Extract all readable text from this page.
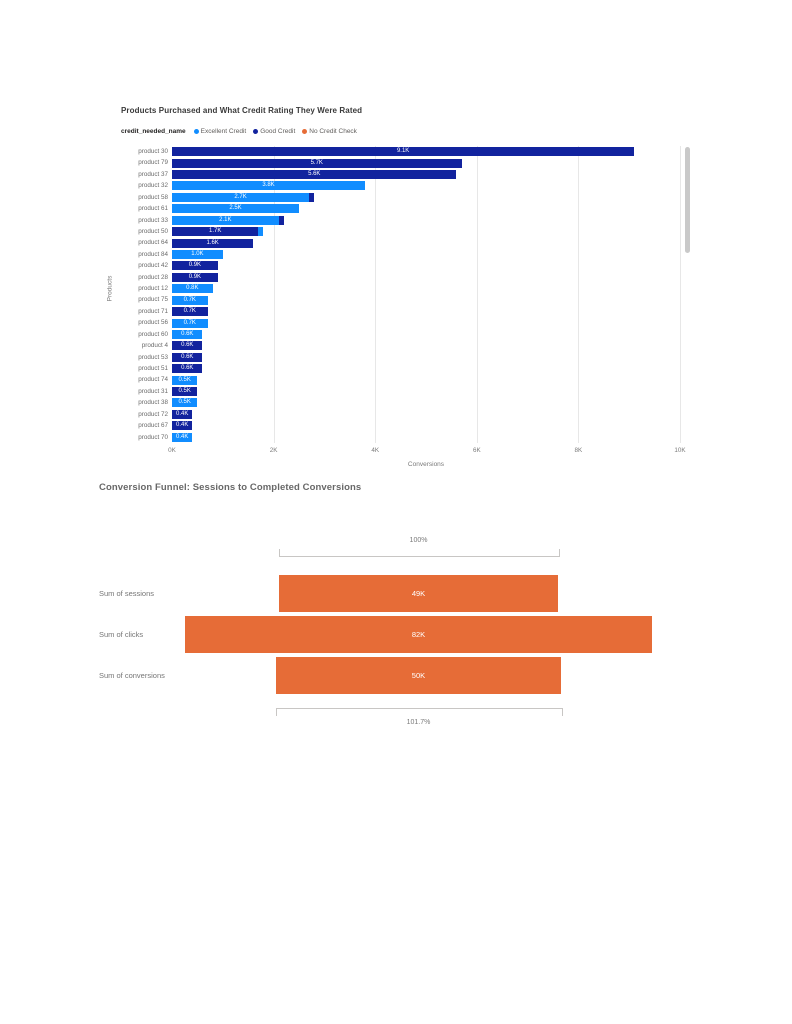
Products Purchased and What Credit Rating They Were Rated
credit_needed_name Excellent Credit Good Credit No Credit Check
product 30
product 79
product 37
product 32
product 58
product 61
product 33
product 50
product 64
product 84
product 42
product 28
product 12
product 75
product 71
product 56
product 60
product 4
product 53
product 51
product 74
product 31
product 38
product 72
product 67
product 70
9.1K
5.7K
5.6K
3.8K
2.7K
2.5K
2.1K
1.7K
1.6K
1.0K
0.9K
0.9K
0.8K
0.7K
0.7K
0.7K
0.6K
0.6K
0.6K
0.6K
0.5K
0.5K
0.5K
0.4K
0.4K
0.4K
Products
0K	2K	4K	6K	8K	10K
Conversions
Conversion Funnel: Sessions to Completed Conversions
100%
49K
Sum of sessions
82K
Sum of clicks
50K
Sum of conversions
101.7%
